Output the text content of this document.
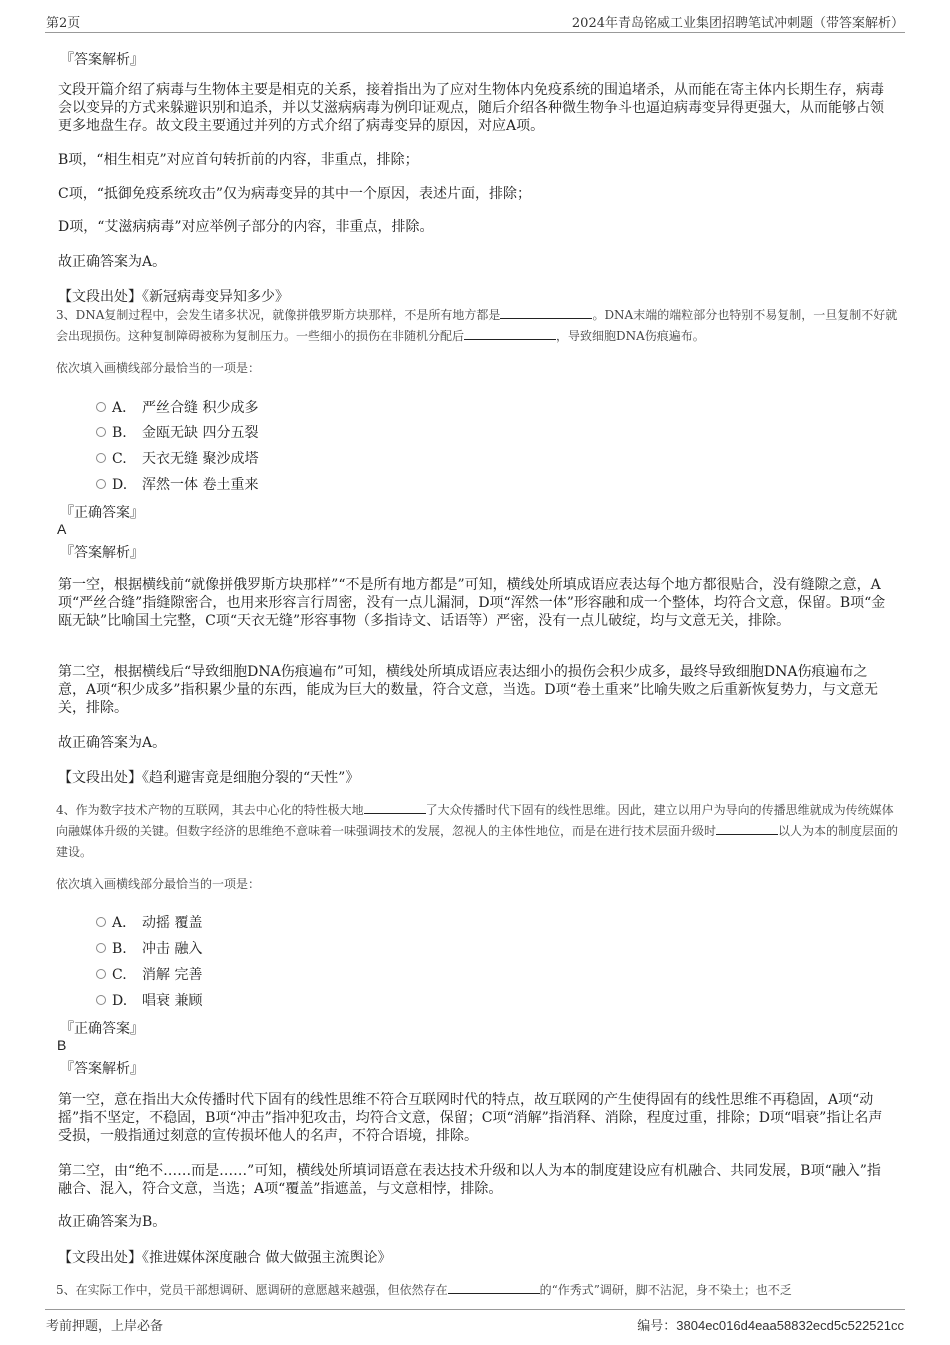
第2页	2024年青岛铭威工业集团招聘笔试冲刺题（带答案解析）
『答案解析』

文段开篇介绍了病毒与生物体主要是相克的关系，接着指出为了应对生物体内免疫系统的围追堵杀，从而能在寄主体内长期生存，病毒会以变异的方式来躲避识别和追杀，并以艾滋病病毒为例印证观点，随后介绍各种微生物争斗也逼迫病毒变异得更强大，从而能够占领更多地盘生存。故文段主要通过并列的方式介绍了病毒变异的原因，对应A项。

B项，“相生相克”对应首句转折前的内容，非重点，排除；

C项，“抵御免疫系统攻击”仅为病毒变异的其中一个原因，表述片面，排除；

D项，“艾滋病病毒”对应举例子部分的内容，非重点，排除。

故正确答案为A。

【文段出处】《新冠病毒变异知多少》
3、DNA复制过程中，会发生诸多状况，就像拼俄罗斯方块那样，不是所有地方都是	。DNA末端的端粒部分也特别不易复制，一旦复制不好就会出现损伤。这种复制障碍被称为复制压力。一些细小的损伤在非随机分配后	，导致细胞DNA伤痕遍布。
依次填入画横线部分最恰当的一项是：
A． 严丝合缝 积少成多
B. 金瓯无缺 四分五裂
C. 天衣无缝 聚沙成塔
D. 浑然一体 卷土重来
『正确答案』
A
『答案解析』

第一空，根据横线前“就像拼俄罗斯方块那样”“不是所有地方都是”可知，横线处所填成语应表达每个地方都很贴合，没有缝隙之意，A项“严丝合缝”指缝隙密合，也用来形容言行周密，没有一点儿漏洞，D项“浑然一体”形容融和成一个整体，均符合文意，保留。B项“金瓯无缺”比喻国土完整，C项“天衣无缝”形容事物（多指诗文、话语等）严密，没有一点儿破绽，均与文意无关，排除。

第二空，根据横线后“导致细胞DNA伤痕遍布”可知，横线处所填成语应表达细小的损伤会积少成多，最终导致细胞DNA伤痕遍布之意，A项“积少成多”指积累少量的东西，能成为巨大的数量，符合文意，当选。D项“卷土重来”比喻失败之后重新恢复势力，与文意无关，排除。

故正确答案为A。

【文段出处】《趋利避害竟是细胞分裂的“天性”》
4、作为数字技术产物的互联网，其去中心化的特性极大地	了大众传播时代下固有的线性思维。因此，建立以用户为导向的传播思维就成为传统媒体向融媒体升级的关键。但数字经济的思维绝不意味着一味强调技术的发展，忽视人的主体性地位，而是在进行技术层面升级时	以人为本的制度层面的建设。
依次填入画横线部分最恰当的一项是：
A． 动摇 覆盖
B. 冲击 融入
C. 消解 完善
D. 唱衰 兼顾
『正确答案』
B
『答案解析』

第一空，意在指出大众传播时代下固有的线性思维不符合互联网时代的特点，故互联网的产生使得固有的线性思维不再稳固，A项“动摇”指不坚定，不稳固，B项“冲击”指冲犯攻击，均符合文意，保留；C项“消解”指消释、消除，程度过重，排除；D项“唱衰”指让名声受损，一般指通过刻意的宣传损坏他人的名声，不符合语境，排除。

第二空，由“绝不……而是……”可知，横线处所填词语意在表达技术升级和以人为本的制度建设应有机融合、共同发展，B项“融入”指融合、混入，符合文意，当选；A项“覆盖”指遮盖，与文意相悖，排除。

故正确答案为B。

【文段出处】《推进媒体深度融合 做大做强主流舆论》
5、在实际工作中，党员干部想调研、愿调研的意愿越来越强，但依然存在	的“作秀式”调研，脚不沾泥，身不染土；也不乏
考前押题，上岸必备	编号：3804ec016d4eaa58832ecd5c522521cc
